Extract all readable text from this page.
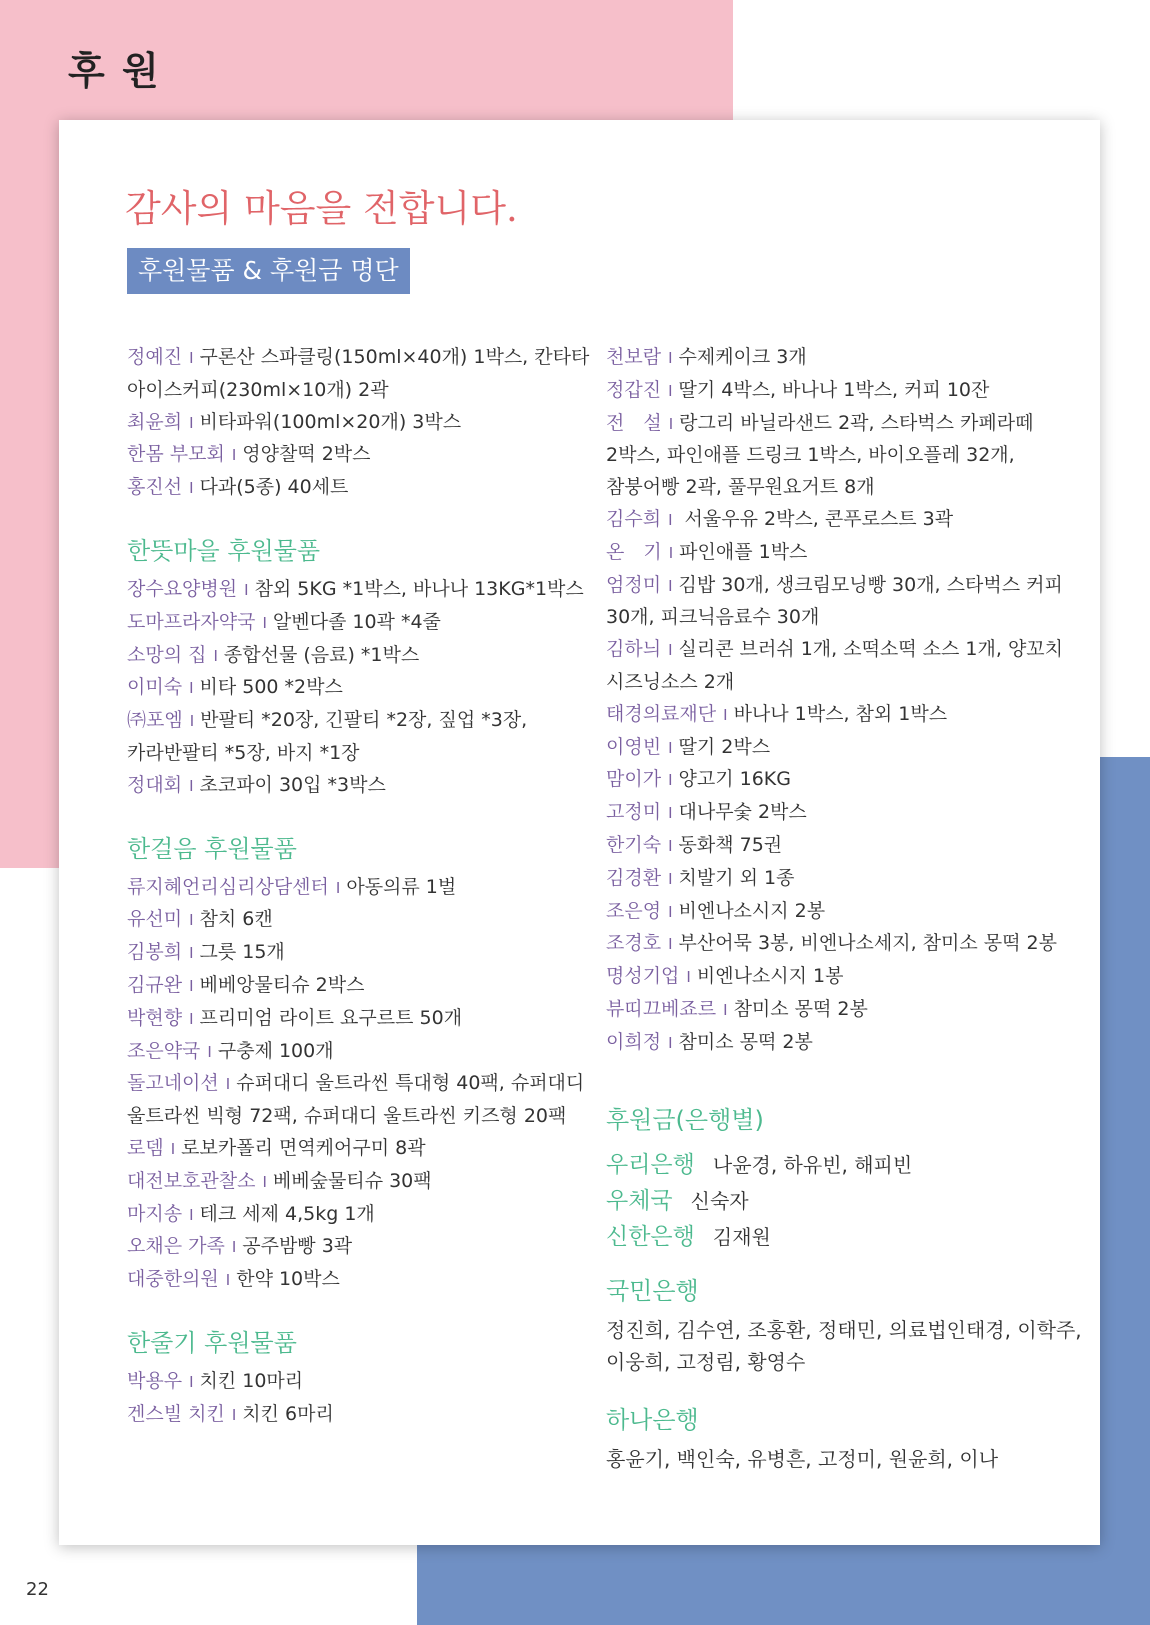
후 원
감사의 마음을 전합니다.
후원물품 & 후원금 명단
정예진 I 구론산 스파클링(150ml×40개) 1박스, 칸타타 아이스커피(230ml×10개) 2곽
최윤희 I 비타파워(100ml×20개) 3박스
한몸 부모회 I 영양찰떡 2박스
홍진선 I 다과(5종) 40세트
한뜻마을 후원물품
장수요양병원 I 참외 5KG *1박스, 바나나 13KG*1박스
도마프라자약국 I 알벤다졸 10곽 *4줄
소망의 집 I 종합선물 (음료) *1박스
이미숙 I 비타 500 *2박스
㈜포엠 I 반팔티 *20장, 긴팔티 *2장, 짚업 *3장, 카라반팔티 *5장, 바지 *1장
정대회 I 초코파이 30입 *3박스
한걸음 후원물품
류지혜언리심리상담센터 I 아동의류 1벌
유선미 I 참치 6캔
김봉희 I 그릇 15개
김규완 I 베베앙물티슈 2박스
박현향 I 프리미엄 라이트 요구르트 50개
조은약국 I 구충제 100개
돌고네이션 I 슈퍼대디 울트라씬 특대형 40팩, 슈퍼대디 울트라씬 빅형 72팩, 슈퍼대디 울트라씬 키즈형 20팩
로뎀 I 로보카폴리 면역케어구미 8곽
대전보호관찰소 I 베베숲물티슈 30팩
마지송 I 테크 세제 4,5kg 1개
오채은 가족 I 공주밤빵 3곽
대중한의원 I 한약 10박스
한줄기 후원물품
박용우 I 치킨 10마리
겐스빌 치킨 I 치킨 6마리
천보람 I 수제케이크 3개
정갑진 I 딸기 4박스, 바나나 1박스, 커피 10잔
전　설 I 랑그리 바닐라샌드 2곽, 스타벅스 카페라떼 2박스, 파인애플 드링크 1박스, 바이오플레 32개, 참붕어빵 2곽, 풀무원요거트 8개
김수희 I 서울우유 2박스, 콘푸로스트 3곽
온　기 I 파인애플 1박스
엄정미 I 김밥 30개, 생크림모닝빵 30개, 스타벅스 커피 30개, 피크닉음료수 30개
김하늬 I 실리콘 브러쉬 1개, 소떡소떡 소스 1개, 양꼬치 시즈닝소스 2개
태경의료재단 I 바나나 1박스, 참외 1박스
이영빈 I 딸기 2박스
맘이가 I 양고기 16KG
고정미 I 대나무숯 2박스
한기숙 I 동화책 75권
김경환 I 치발기 외 1종
조은영 I 비엔나소시지 2봉
조경호 I 부산어묵 3봉, 비엔나소세지, 참미소 몽떡 2봉
명성기업 I 비엔나소시지 1봉
뷰띠끄베죠르 I 참미소 몽떡 2봉
이희정 I 참미소 몽떡 2봉
후원금(은행별)
우리은행 나윤경, 하유빈, 해피빈
우체국 신숙자
신한은행 김재원
국민은행
정진희, 김수연, 조홍환, 정태민, 의료법인태경, 이학주, 이웅희, 고정림, 황영수
하나은행
홍윤기, 백인숙, 유병흔, 고정미, 원윤희, 이나
22
